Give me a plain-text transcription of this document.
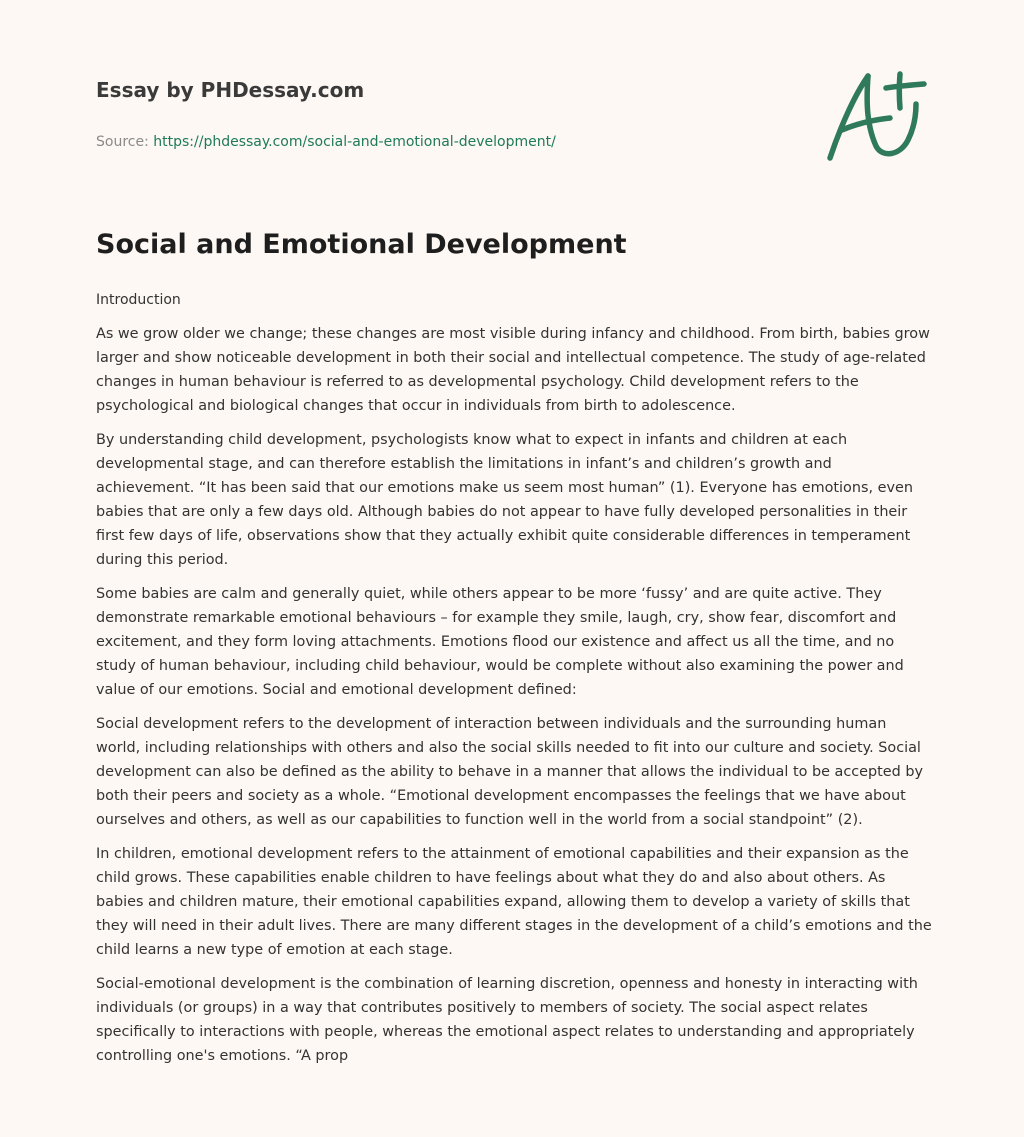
Essay by PHDessay.com
Source: https://phdessay.com/social-and-emotional-development/
Social and Emotional Development
Introduction

As we grow older we change; these changes are most visible during infancy and childhood. From birth, babies grow larger and show noticeable development in both their social and intellectual competence. The study of age-related changes in human behaviour is referred to as developmental psychology. Child development refers to the psychological and biological changes that occur in individuals from birth to adolescence.

By understanding child development, psychologists know what to expect in infants and children at each developmental stage, and can therefore establish the limitations in infant’s and children’s growth and achievement. “It has been said that our emotions make us seem most human” (1). Everyone has emotions, even babies that are only a few days old. Although babies do not appear to have fully developed personalities in their first few days of life, observations show that they actually exhibit quite considerable differences in temperament during this period.

Some babies are calm and generally quiet, while others appear to be more ‘fussy’ and are quite active. They demonstrate remarkable emotional behaviours – for example they smile, laugh, cry, show fear, discomfort and excitement, and they form loving attachments. Emotions flood our existence and affect us all the time, and no study of human behaviour, including child behaviour, would be complete without also examining the power and value of our emotions. Social and emotional development defined:

Social development refers to the development of interaction between individuals and the surrounding human world, including relationships with others and also the social skills needed to fit into our culture and society. Social development can also be defined as the ability to behave in a manner that allows the individual to be accepted by both their peers and society as a whole. “Emotional development encompasses the feelings that we have about ourselves and others, as well as our capabilities to function well in the world from a social standpoint” (2).

In children, emotional development refers to the attainment of emotional capabilities and their expansion as the child grows. These capabilities enable children to have feelings about what they do and also about others. As babies and children mature, their emotional capabilities expand, allowing them to develop a variety of skills that they will need in their adult lives. There are many different stages in the development of a child’s emotions and the child learns a new type of emotion at each stage.

Social-emotional development is the combination of learning discretion, openness and honesty in interacting with individuals (or groups) in a way that contributes positively to members of society. The social aspect relates specifically to interactions with people, whereas the emotional aspect relates to understanding and appropriately controlling one's emotions. “A prop
